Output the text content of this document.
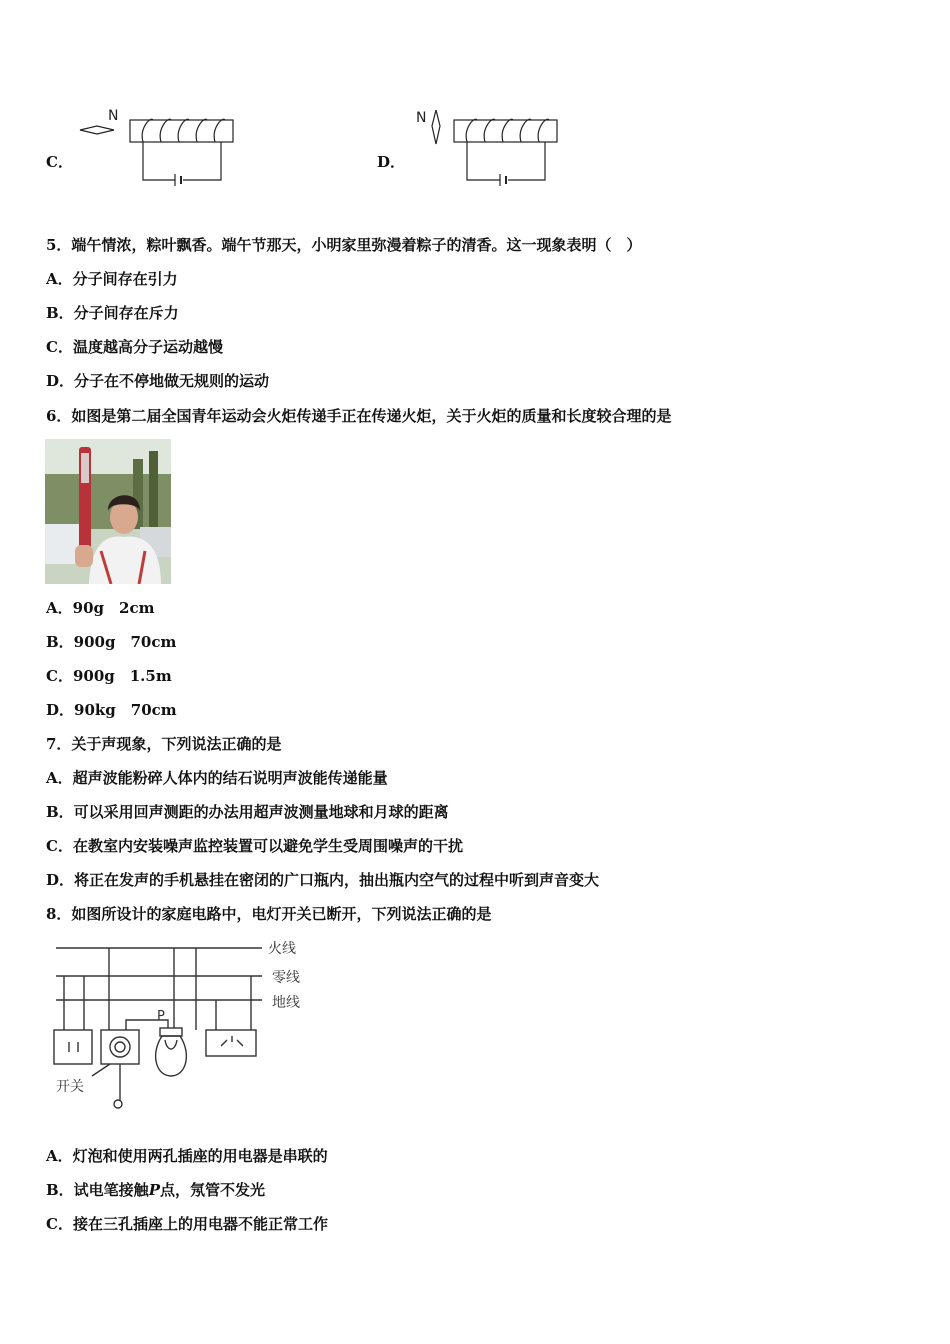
N
C．
N
D．
5．端午情浓，粽叶飘香。端午节那天，小明家里弥漫着粽子的清香。这一现象表明（　）
A．分子间存在引力
B．分子间存在斥力
C．温度越高分子运动越慢
D．分子在不停地做无规则的运动
6．如图是第二届全国青年运动会火炬传递手正在传递火炬，关于火炬的质量和长度较合理的是
A．90g　2cm
B．900g　70cm
C．900g　1.5m
D．90kg　70cm
7．关于声现象，下列说法正确的是
A．超声波能粉碎人体内的结石说明声波能传递能量
B．可以采用回声测距的办法用超声波测量地球和月球的距离
C．在教室内安装噪声监控装置可以避免学生受周围噪声的干扰
D．将正在发声的手机悬挂在密闭的广口瓶内，抽出瓶内空气的过程中听到声音变大
8．如图所设计的家庭电路中，电灯开关已断开，下列说法正确的是
火线
零线
地线
P
开关
A．灯泡和使用两孔插座的用电器是串联的
B．试电笔接触P点，氖管不发光
C．接在三孔插座上的用电器不能正常工作
